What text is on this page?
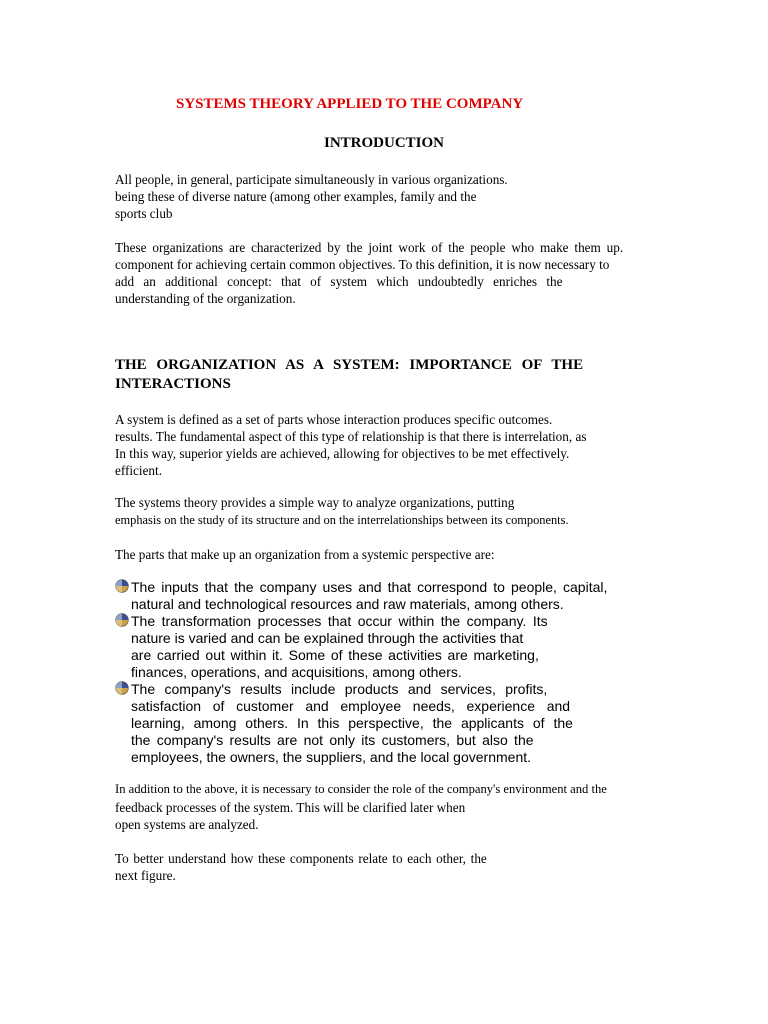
SYSTEMS THEORY APPLIED TO THE COMPANY
INTRODUCTION
All people, in general, participate simultaneously in various organizations.
being these of diverse nature (among other examples, family and the
sports club
These organizations are characterized by the joint work of the people who make them up.
component for achieving certain common objectives. To this definition, it is now necessary to
add an additional concept: that of system which undoubtedly enriches the
understanding of the organization.
THE ORGANIZATION AS A SYSTEM: IMPORTANCE OF THE
INTERACTIONS
A system is defined as a set of parts whose interaction produces specific outcomes.
results. The fundamental aspect of this type of relationship is that there is interrelation, as
In this way, superior yields are achieved, allowing for objectives to be met effectively.
efficient.
The systems theory provides a simple way to analyze organizations, putting
emphasis on the study of its structure and on the interrelationships between its components.
The parts that make up an organization from a systemic perspective are:
The inputs that the company uses and that correspond to people, capital,
natural and technological resources and raw materials, among others.
The transformation processes that occur within the company. Its
nature is varied and can be explained through the activities that
are carried out within it. Some of these activities are marketing,
finances, operations, and acquisitions, among others.
The company's results include products and services, profits,
satisfaction of customer and employee needs, experience and
learning, among others. In this perspective, the applicants of the
the company's results are not only its customers, but also the
employees, the owners, the suppliers, and the local government.
In addition to the above, it is necessary to consider the role of the company's environment and the
feedback processes of the system. This will be clarified later when
open systems are analyzed.
To better understand how these components relate to each other, the
next figure.
